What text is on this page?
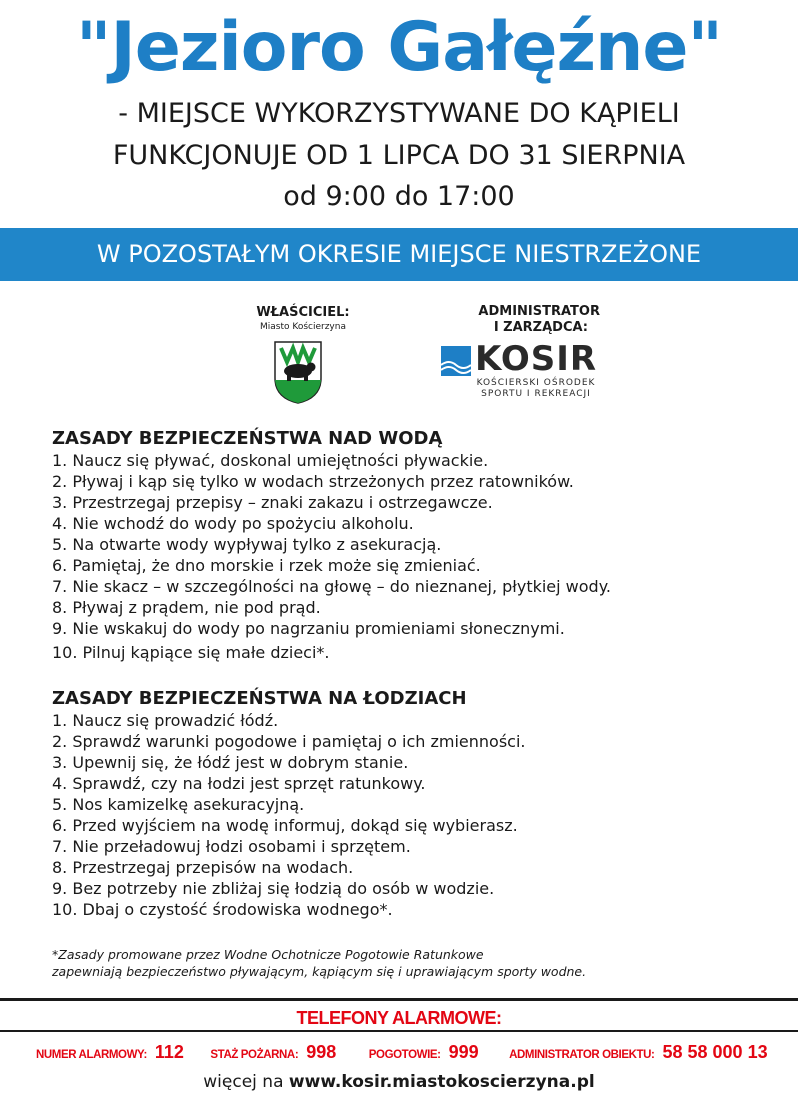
"Jezioro Gałęźne"
- MIEJSCE WYKORZYSTYWANE DO KĄPIELI
FUNKCJONUJE OD 1 LIPCA DO 31 SIERPNIA
od 9:00 do 17:00
W POZOSTAŁYM OKRESIE MIEJSCE NIESTRZEŻONE
WŁAŚCICIEL:
Miasto Kościerzyna
ADMINISTRATOR
I ZARZĄDCA:
KOSIR
KOŚCIERSKI OŚRODEK
SPORTU I REKREACJI
ZASADY BEZPIECZEŃSTWA NAD WODĄ
1. Naucz się pływać, doskonal umiejętności pływackie.
2. Pływaj i kąp się tylko w wodach strzeżonych przez ratowników.
3. Przestrzegaj przepisy – znaki zakazu i ostrzegawcze.
4. Nie wchodź do wody po spożyciu alkoholu.
5. Na otwarte wody wypływaj tylko z asekuracją.
6. Pamiętaj, że dno morskie i rzek może się zmieniać.
7. Nie skacz – w szczególności na głowę – do nieznanej, płytkiej wody.
8. Pływaj z prądem, nie pod prąd.
9. Nie wskakuj do wody po nagrzaniu promieniami słonecznymi.
10. Pilnuj kąpiące się małe dzieci*.
ZASADY BEZPIECZEŃSTWA NA ŁODZIACH
1. Naucz się prowadzić łódź.
2. Sprawdź warunki pogodowe i pamiętaj o ich zmienności.
3. Upewnij się, że łódź jest w dobrym stanie.
4. Sprawdź, czy na łodzi jest sprzęt ratunkowy.
5. Nos kamizelkę asekuracyjną.
6. Przed wyjściem na wodę informuj, dokąd się wybierasz.
7. Nie przeładowuj łodzi osobami i sprzętem.
8. Przestrzegaj przepisów na wodach.
9. Bez potrzeby nie zbliżaj się łodzią do osób w wodzie.
10. Dbaj o czystość środowiska wodnego*.
*Zasady promowane przez Wodne Ochotnicze Pogotowie Ratunkowe
zapewniają bezpieczeństwo pływającym, kąpiącym się i uprawiającym sporty wodne.
TELEFONY ALARMOWE:
NUMER ALARMOWY: 112 STAŻ POŻARNA: 998	POGOTOWIE: 999	ADMINISTRATOR OBIEKTU: 58 58 000 13
więcej na www.kosir.miastokoscierzyna.pl
